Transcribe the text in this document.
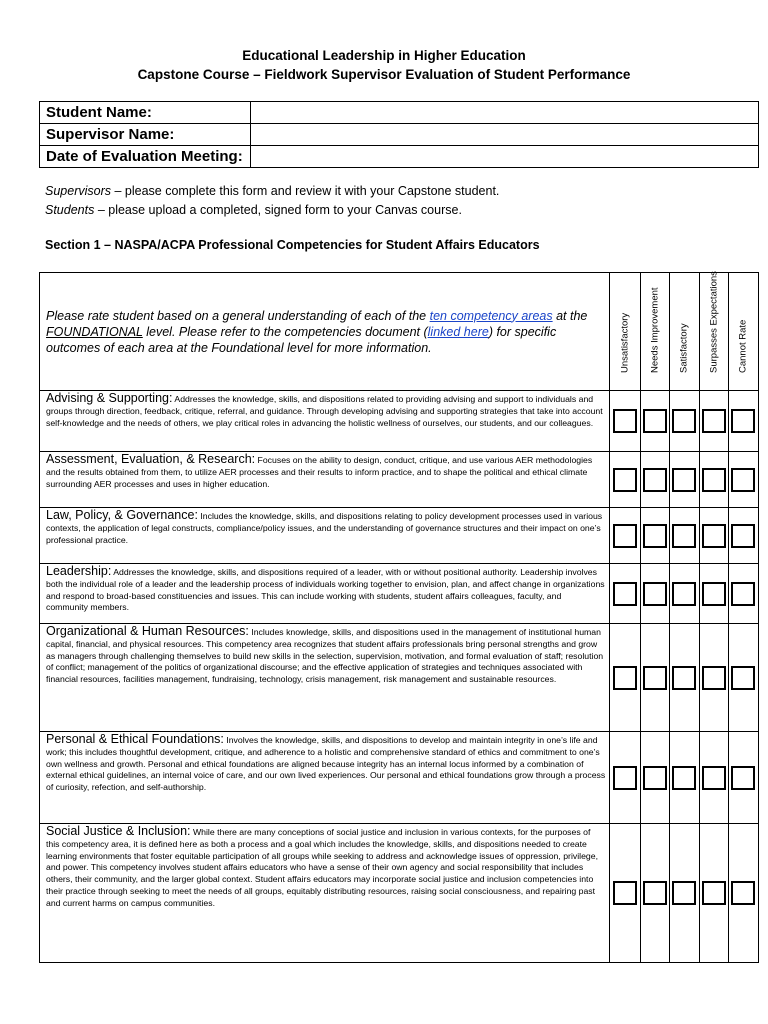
Educational Leadership in Higher Education
Capstone Course – Fieldwork Supervisor Evaluation of Student Performance
Student Name:	
Supervisor Name:	
Date of Evaluation Meeting:	
Supervisors – please complete this form and review it with your Capstone student.
Students – please upload a completed, signed form to your Canvas course.
Section 1 – NASPA/ACPA Professional Competencies for Student Affairs Educators
Please rate student based on a general understanding of each of the ten competency areas at the FOUNDATIONAL level. Please refer to the competencies document (linked here) for specific outcomes of each area at the Foundational level for more information.	Unsatisfactory	Needs Improvement	Satisfactory	Surpasses Expectations	Cannot Rate

Advising & Supporting: Addresses the knowledge, skills, and dispositions related to providing advising and support to individuals and groups through direction, feedback, critique, referral, and guidance. Through developing advising and supporting strategies that take into account self-knowledge and the needs of others, we play critical roles in advancing the holistic wellness of ourselves, our students, and our colleagues.	

Assessment, Evaluation, & Research: Focuses on the ability to design, conduct, critique, and use various AER methodologies and the results obtained from them, to utilize AER processes and their results to inform practice, and to shape the political and ethical climate surrounding AER processes and uses in higher education.	

Law, Policy, & Governance: Includes the knowledge, skills, and dispositions relating to policy development processes used in various contexts, the application of legal constructs, compliance/policy issues, and the understanding of governance structures and their impact on one’s professional practice.	

Leadership: Addresses the knowledge, skills, and dispositions required of a leader, with or without positional authority. Leadership involves both the individual role of a leader and the leadership process of individuals working together to envision, plan, and affect change in organizations and respond to broad-based constituencies and issues. This can include working with students, student affairs colleagues, faculty, and community members.	

Organizational & Human Resources: Includes knowledge, skills, and dispositions used in the management of institutional human capital, financial, and physical resources. This competency area recognizes that student affairs professionals bring personal strengths and grow as managers through challenging themselves to build new skills in the selection, supervision, motivation, and formal evaluation of staff; resolution of conflict; management of the politics of organizational discourse; and the effective application of strategies and techniques associated with financial resources, facilities management, fundraising, technology, crisis management, risk management and sustainable resources.	

Personal & Ethical Foundations: Involves the knowledge, skills, and dispositions to develop and maintain integrity in one’s life and work; this includes thoughtful development, critique, and adherence to a holistic and comprehensive standard of ethics and commitment to one’s own wellness and growth. Personal and ethical foundations are aligned because integrity has an internal locus informed by a combination of external ethical guidelines, an internal voice of care, and our own lived experiences. Our personal and ethical foundations grow through a process of curiosity, refection, and self-authorship.	

Social Justice & Inclusion: While there are many conceptions of social justice and inclusion in various contexts, for the purposes of this competency area, it is defined here as both a process and a goal which includes the knowledge, skills, and dispositions needed to create learning environments that foster equitable participation of all groups while seeking to address and acknowledge issues of oppression, privilege, and power. This competency involves student affairs educators who have a sense of their own agency and social responsibility that includes others, their community, and the larger global context. Student affairs educators may incorporate social justice and inclusion competencies into their practice through seeking to meet the needs of all groups, equitably distributing resources, raising social consciousness, and repairing past and current harms on campus communities.	
